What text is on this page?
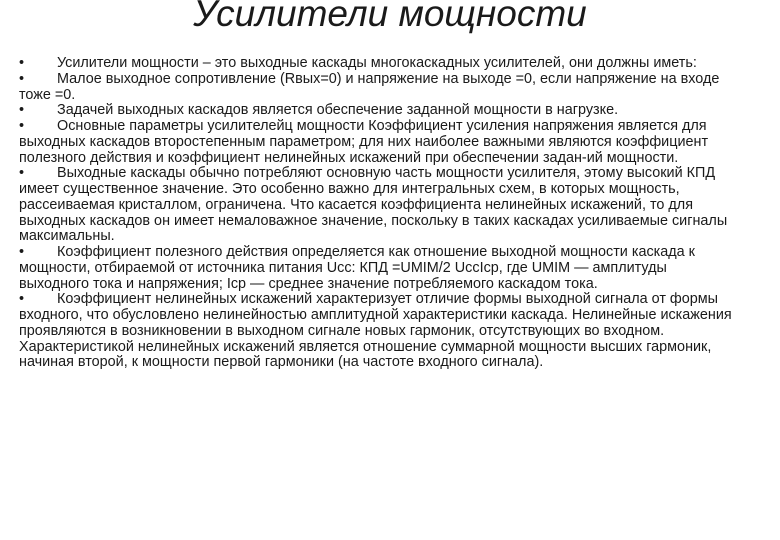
Усилители мощности

• Усилители мощности – это выходные каскады многокаскадных усилителей, они должны иметь:

• Малое выходное сопротивление (Rвых=0) и напряжение на выходе =0, если напряжение на входе тоже =0.

• Задачей выходных каскадов является обеспечение заданной мощности в нагрузке.

• Основные параметры усилителейц мощности Коэффициент усиления напряжения является для выходных каскадов второстепенным параметром; для них наиболее важными являются коэффициент полезного действия и коэффициент нелинейных искажений при обеспечении задан-ий мощности.

• Выходные каскады обычно потребляют основную часть мощности усилителя, этому высокий КПД имеет существенное значение. Это особенно важно для интегральных схем, в которых мощность, рассеиваемая кристаллом, ограничена. Что касается коэффициента нелинейных искажений, то для выходных каскадов он имеет немаловажное значение, поскольку в таких каскадах усиливаемые сигналы максимальны.

• Коэффициент полезного действия определяется как отношение выходной мощности каскада к мощности, отбираемой от источника питания Uсс: КПД =UMIM/2 UccIcp, где UMIM — амплитуды выходного тока и напряжения; Icp — среднее значение потребляемого каскадом тока.

• Коэффициент нелинейных искажений характеризует отличие формы выходной сигнала от формы входного, что обусловлено нелинейностью амплитудной характеристики каскада. Нелинейные искажения проявляются в возникновении в выходном сигнале новых гармоник, отсутствующих во входном. Характеристикой нелинейных искажений является отношение суммарной мощности высших гармоник, начиная второй, к мощности первой гармоники (на частоте входного сигнала).
